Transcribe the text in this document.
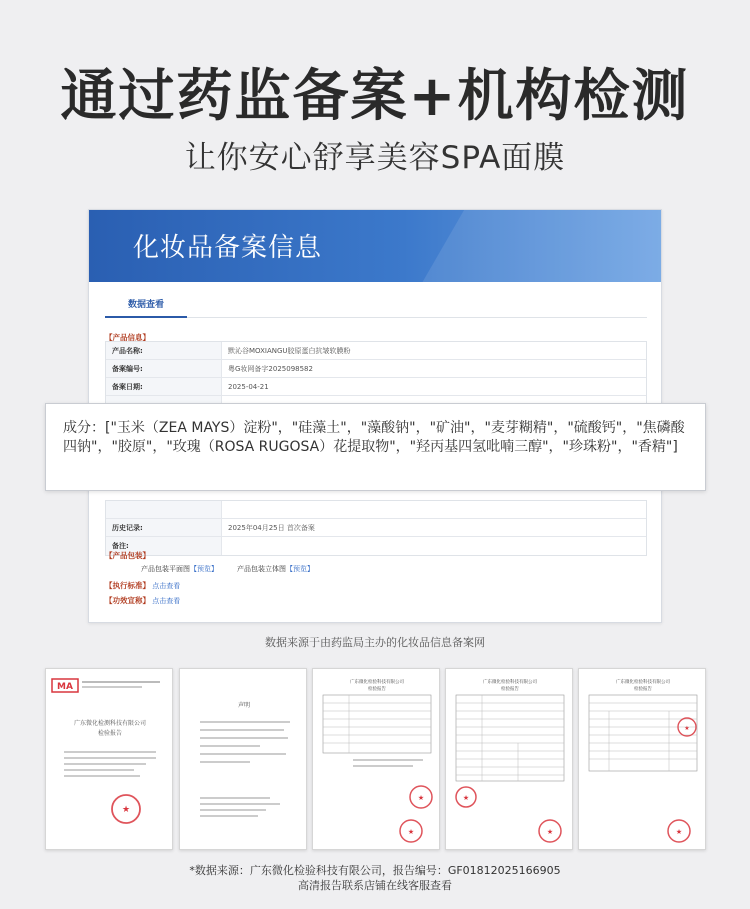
通过药监备案+机构检测
让你安心舒享美容SPA面膜
化妆品备案信息
数据查看
【产品信息】
产品名称:	默沁谷MOXIANGU胶原蛋白抗皱软膜粉
备案编号:	粤G妆网备字2025098582
备案日期:	2025-04-21
历史记录:	2025年04月25日 首次备案
备注:
【产品包装】
产品包装平面图【预览】	产品包装立体图【预览】
【执行标准】 点击查看
【功效宣称】 点击查看
成分：["玉米（ZEA MAYS）淀粉"，"硅藻土"，"藻酸钠"，"矿油"，"麦芽糊精"，"硫酸钙"，"焦磷酸四钠"，"胶原"，"玫瑰（ROSA RUGOSA）花提取物"，"羟丙基四氢吡喃三醇"，"珍珠粉"，"香精"]
数据来源于由药监局主办的化妆品信息备案网
MA
广东微化检测科技有限公司
检验报告
★
声明
广东微化检验科技有限公司
检验报告
★
★
广东微化检验科技有限公司
检验报告
★
★
广东微化检验科技有限公司
检验报告
★
★
*数据来源：广东微化检验科技有限公司，报告编号：GF01812025166905
高清报告联系店铺在线客服查看
